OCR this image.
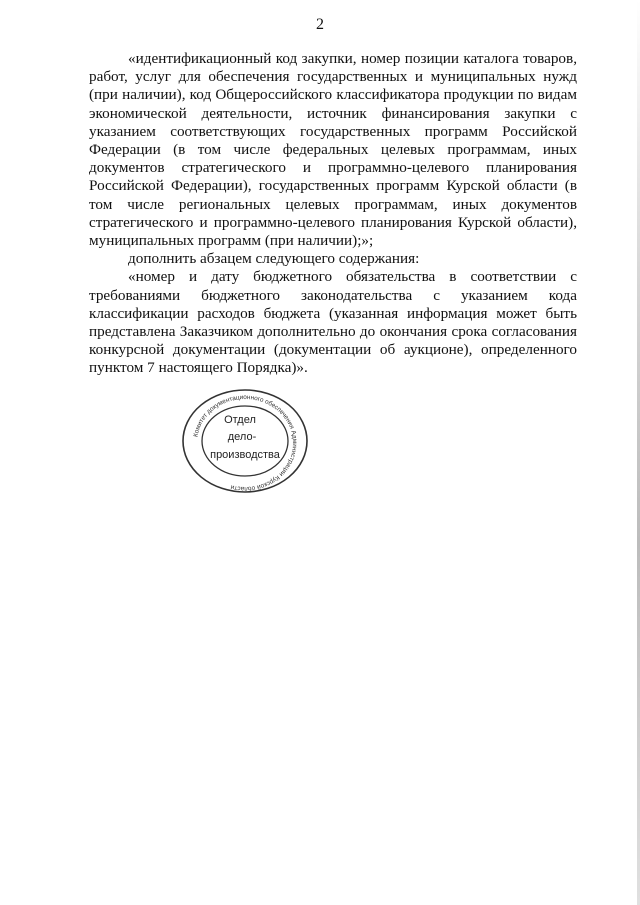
2

«идентификационный код закупки, номер позиции каталога товаров, работ, услуг для обеспечения государственных и муниципальных нужд (при наличии), код Общероссийского классификатора продукции по видам экономической деятельности, источник финансирования закупки с указанием соответствующих государственных программ Российской Федерации (в том числе федеральных целевых программам, иных документов стратегического и программно-целевого планирования Российской Федерации), государственных программ Курской области (в том числе региональных целевых программам, иных документов стратегического и программно-целевого планирования Курской области), муниципальных программ (при наличии);»;

дополнить абзацем следующего содержания:

«номер и дату бюджетного обязательства в соответствии с требованиями бюджетного законодательства с указанием кода классификации расходов бюджета (указанная информация может быть представлена Заказчиком дополнительно до окончания срока согласования конкурсной документации (документации об аукционе), определенного пунктом 7 настоящего Порядка)».

Комитет документационного обеспечения Администрации Курской области
Отдел
дело-
производства
